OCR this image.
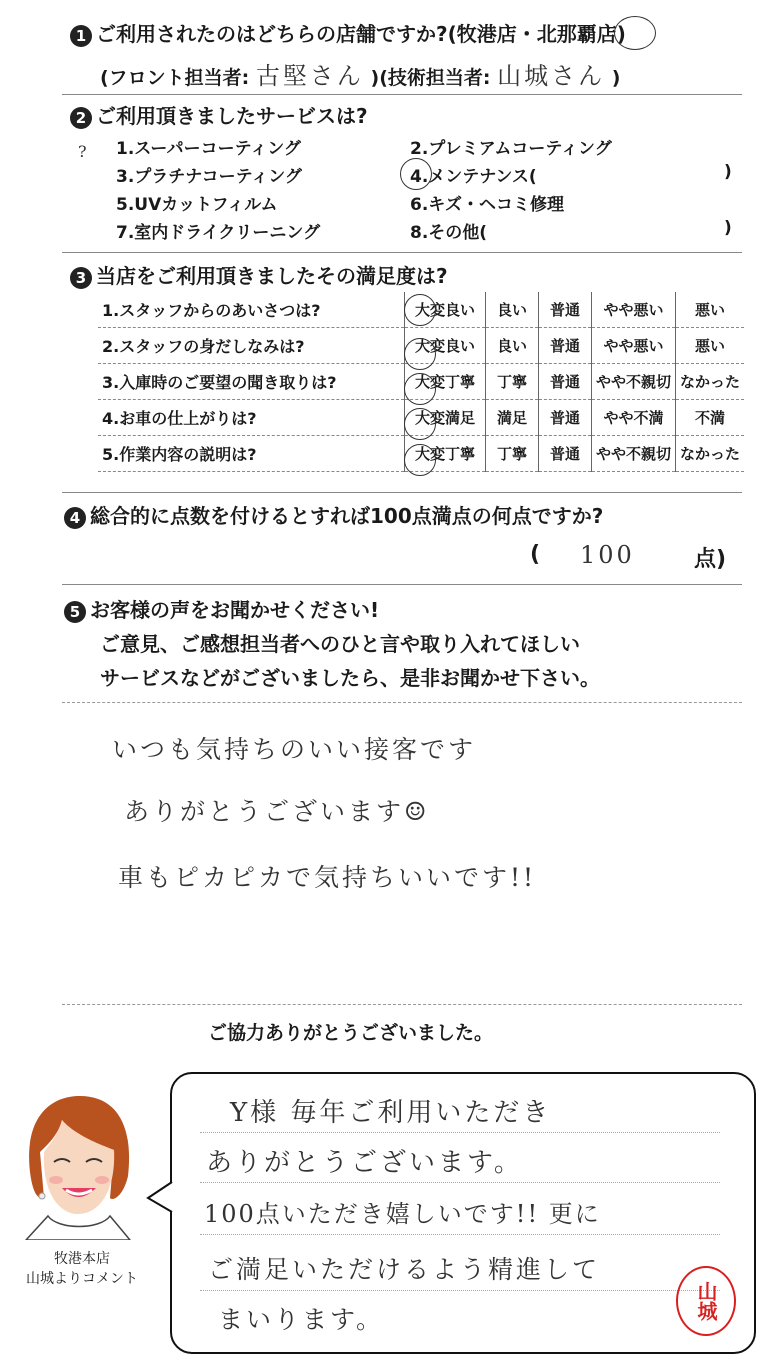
1 ご利用されたのはどちらの店舗ですか?(牧港店・北那覇店)
(フロント担当者: 古堅さん )(技術担当者: 山城さん )
2 ご利用頂きましたサービスは?
? 1.スーパーコーティング	2.プレミアムコーティング
3.プラチナコーティング	4.メンテナンス(	)
5.UVカットフィルム	6.キズ・ヘコミ修理
7.室内ドライクリーニング	8.その他(	)
3 当店をご利用頂きましたその満足度は?
1.スタッフからのあいさつは?	大変良い	良い	普通	やや悪い	悪い
2.スタッフの身だしなみは?	大変良い	良い	普通	やや悪い	悪い
3.入庫時のご要望の聞き取りは?	大変丁寧	丁寧	普通	やや不親切	なかった
4.お車の仕上がりは?	大変満足	満足	普通	やや不満	不満
5.作業内容の説明は?	大変丁寧	丁寧	普通	やや不親切	なかった
4 総合的に点数を付けるとすれば100点満点の何点ですか?
( 100	点)
5 お客様の声をお聞かせください!
ご意見、ご感想担当者へのひと言や取り入れてほしい
サービスなどがございましたら、是非お聞かせ下さい。
いつも気持ちのいい接客です
ありがとうございます☺
車もピカピカで気持ちいいです!!
ご協力ありがとうございました。
牧港本店
山城よりコメント
Y様 毎年ご利用いただき
ありがとうございます。
100点いただき嬉しいです!! 更に
ご満足いただけるよう精進して
まいります。	山城
